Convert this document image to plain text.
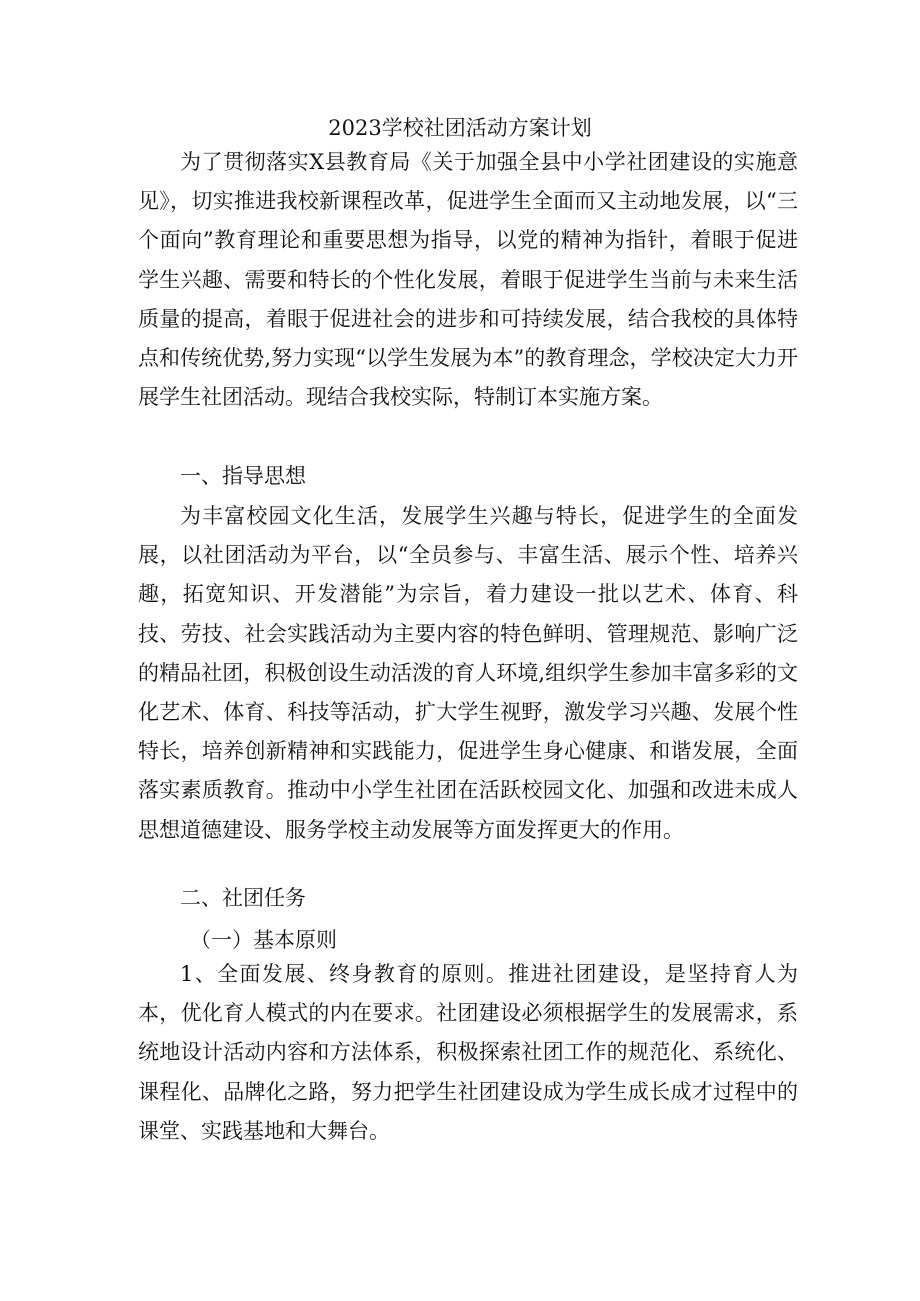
2023学校社团活动方案计划

为了贯彻落实X县教育局《关于加强全县中小学社团建设的实施意见》，切实推进我校新课程改革，促进学生全面而又主动地发展，以“三个面向”教育理论和重要思想为指导，以党的精神为指针，着眼于促进学生兴趣、需要和特长的个性化发展，着眼于促进学生当前与未来生活质量的提高，着眼于促进社会的进步和可持续发展，结合我校的具体特点和传统优势,努力实现“以学生发展为本”的教育理念，学校决定大力开展学生社团活动。现结合我校实际，特制订本实施方案。

一、指导思想

为丰富校园文化生活，发展学生兴趣与特长，促进学生的全面发展，以社团活动为平台，以“全员参与、丰富生活、展示个性、培养兴趣，拓宽知识、开发潜能”为宗旨，着力建设一批以艺术、体育、科技、劳技、社会实践活动为主要内容的特色鲜明、管理规范、影响广泛的精品社团，积极创设生动活泼的育人环境,组织学生参加丰富多彩的文化艺术、体育、科技等活动，扩大学生视野，激发学习兴趣、发展个性特长，培养创新精神和实践能力，促进学生身心健康、和谐发展，全面落实素质教育。推动中小学生社团在活跃校园文化、加强和改进未成人思想道德建设、服务学校主动发展等方面发挥更大的作用。

二、社团任务
（一）基本原则

1、全面发展、终身教育的原则。推进社团建设，是坚持育人为本，优化育人模式的内在要求。社团建设必须根据学生的发展需求，系统地设计活动内容和方法体系，积极探索社团工作的规范化、系统化、课程化、品牌化之路，努力把学生社团建设成为学生成长成才过程中的课堂、实践基地和大舞台。
